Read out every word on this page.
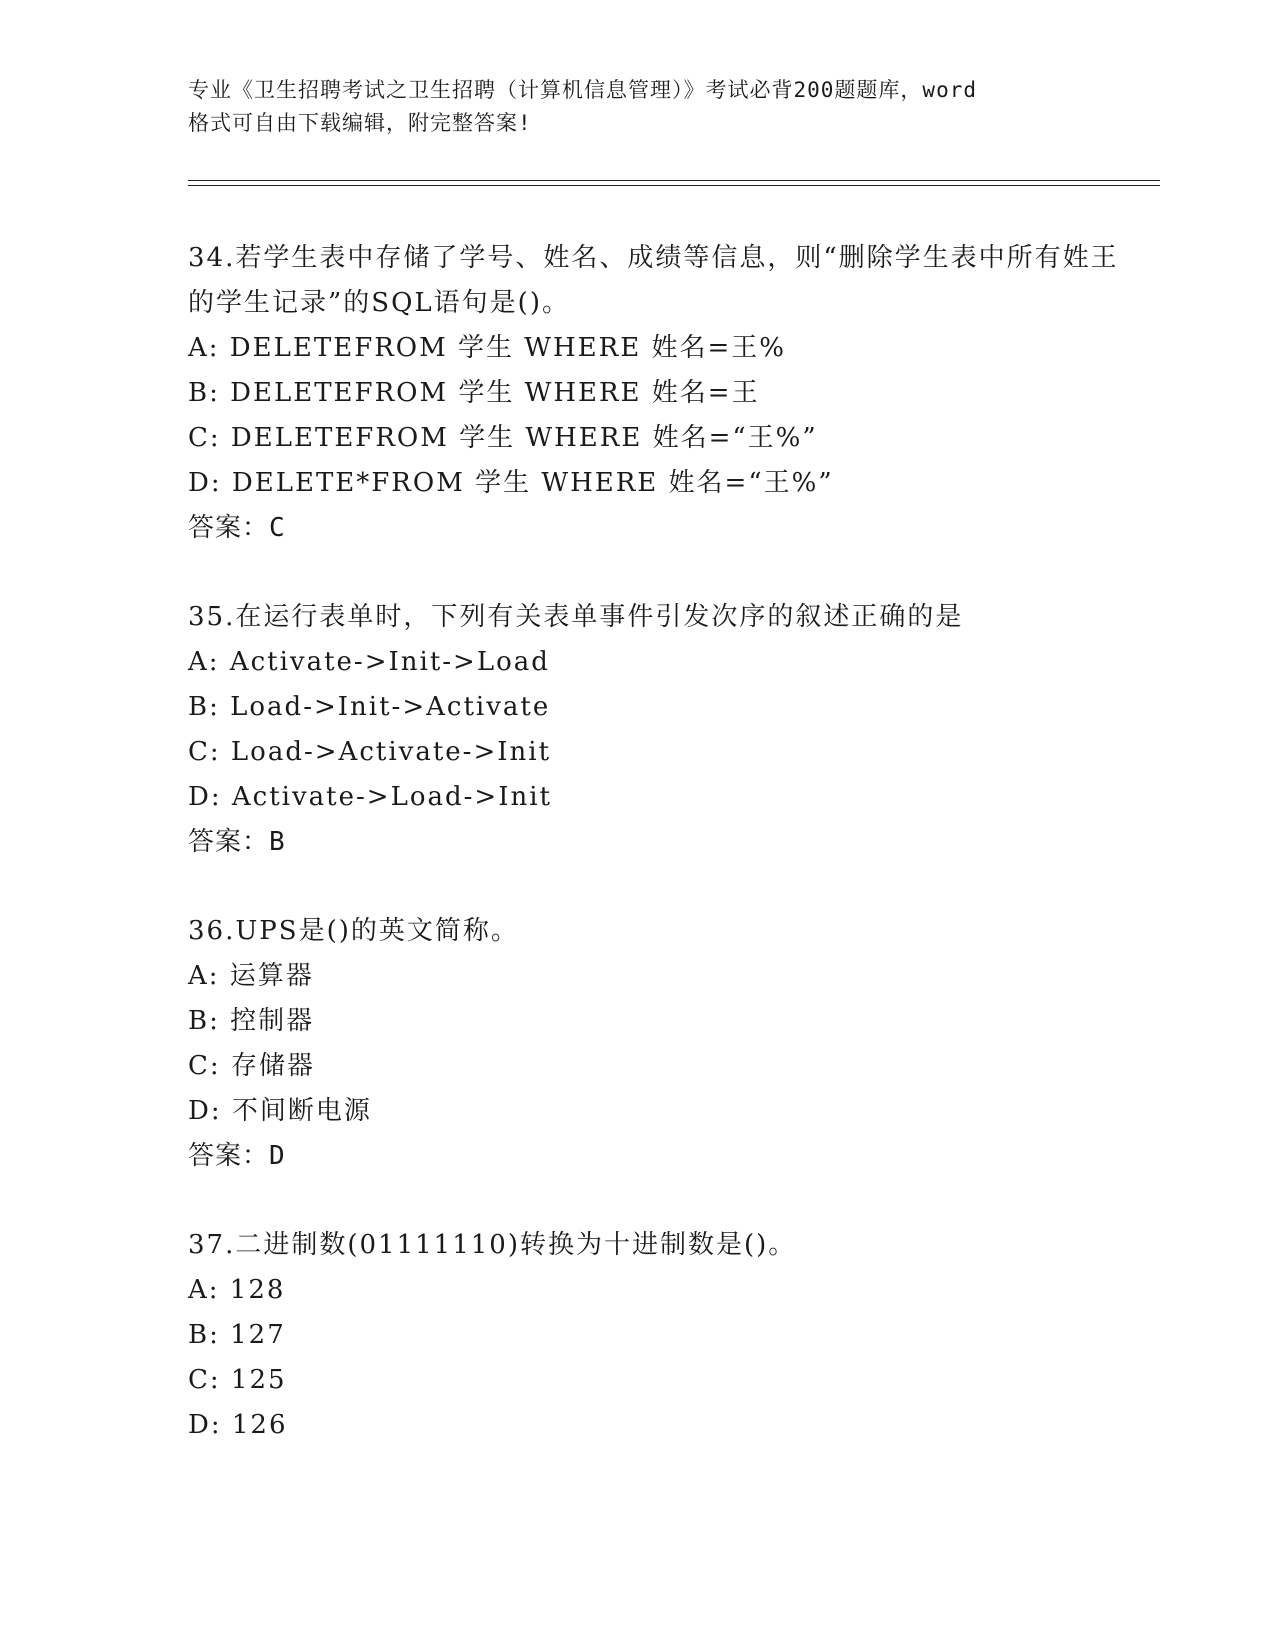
专业《卫生招聘考试之卫生招聘（计算机信息管理）》考试必背200题题库，word
格式可自由下载编辑，附完整答案!

34.若学生表中存储了学号、姓名、成绩等信息，则“删除学生表中所有姓王的学生记录”的SQL语句是()。

A: DELETEFROM 学生 WHERE 姓名=王%

B: DELETEFROM 学生 WHERE 姓名=王

C: DELETEFROM 学生 WHERE 姓名=“王%”

D: DELETE*FROM 学生 WHERE 姓名=“王%”

答案：C

35.在运行表单时，下列有关表单事件引发次序的叙述正确的是

A: Activate->Init->Load

B: Load->Init->Activate

C: Load->Activate->Init

D: Activate->Load->Init

答案：B

36.UPS是()的英文简称。

A: 运算器

B: 控制器

C: 存储器

D: 不间断电源

答案：D

37.二进制数(01111110)转换为十进制数是()。

A: 128

B: 127

C: 125

D: 126
